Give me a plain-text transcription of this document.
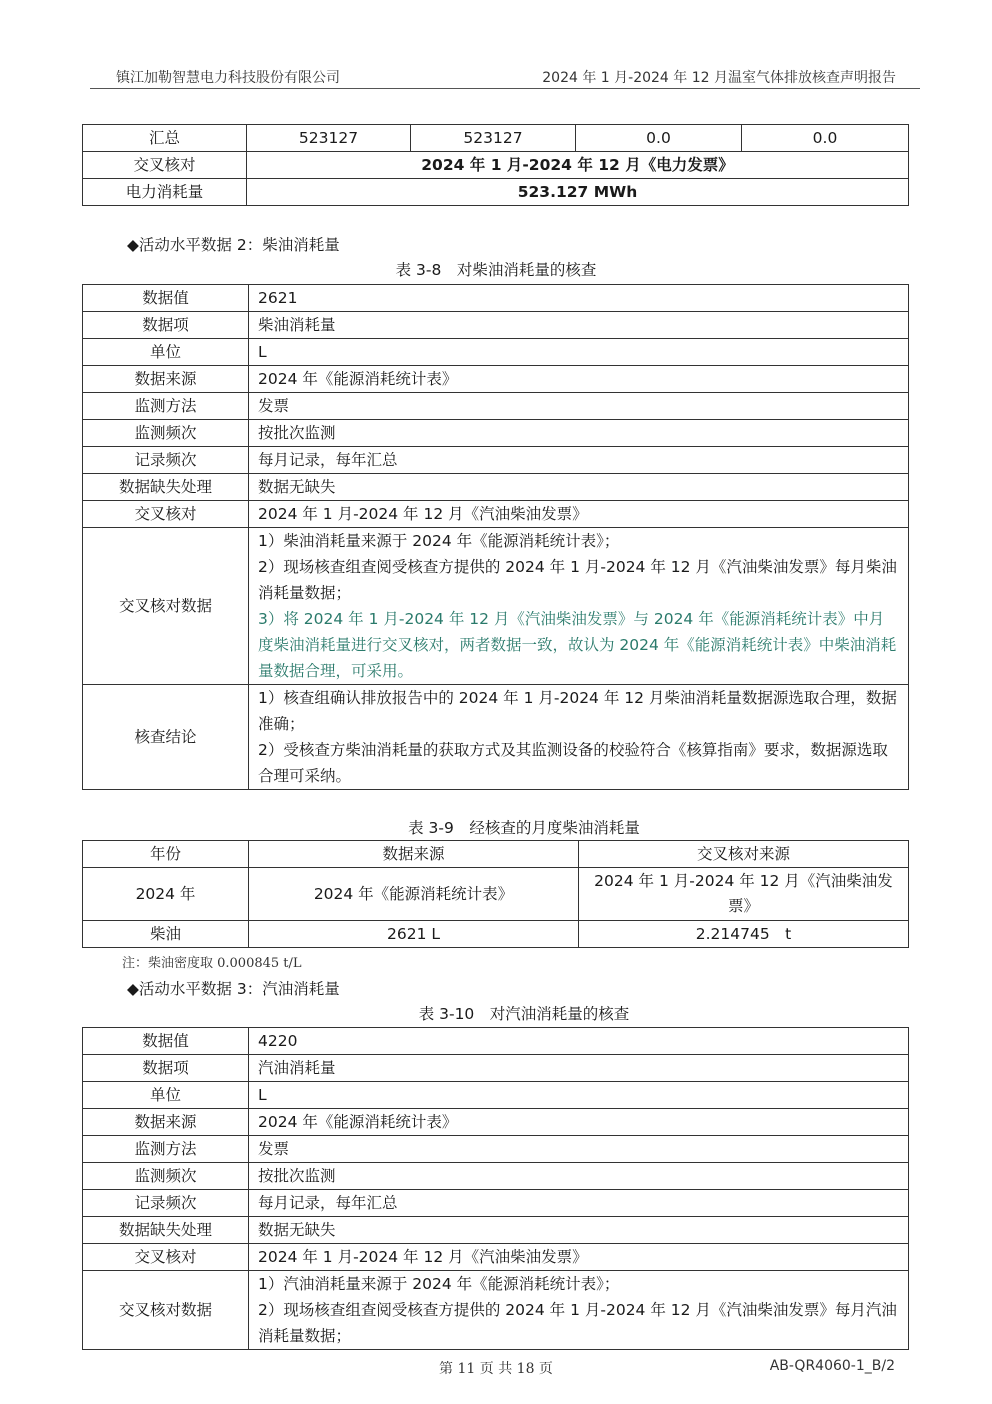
镇江加勒智慧电力科技股份有限公司	2024 年 1 月-2024 年 12 月温室气体排放核查声明报告
汇总	523127	523127	0.0	0.0
交叉核对	2024 年 1 月-2024 年 12 月《电力发票》			
电力消耗量	523.127 MWh			
◆活动水平数据 2：柴油消耗量
表 3-8　对柴油消耗量的核查
数据值	2621
数据项	柴油消耗量
单位	L
数据来源	2024 年《能源消耗统计表》
监测方法	发票
监测频次	按批次监测
记录频次	每月记录，每年汇总
数据缺失处理	数据无缺失
交叉核对	2024 年 1 月-2024 年 12 月《汽油柴油发票》
交叉核对数据	1）柴油消耗量来源于 2024 年《能源消耗统计表》；
2）现场核查组查阅受核查方提供的 2024 年 1 月-2024 年 12 月《汽油柴油发票》每月柴油消耗量数据；
3）将 2024 年 1 月-2024 年 12 月《汽油柴油发票》与 2024 年《能源消耗统计表》中月度柴油消耗量进行交叉核对，两者数据一致，故认为 2024 年《能源消耗统计表》中柴油消耗量数据合理，可采用。

核查结论	1）核查组确认排放报告中的 2024 年 1 月-2024 年 12 月柴油消耗量数据源选取合理，数据准确；
2）受核查方柴油消耗量的获取方式及其监测设备的校验符合《核算指南》要求，数据源选取合理可采纳。
表 3-9　经核查的月度柴油消耗量
年份	数据来源	交叉核对来源
2024 年	2024 年《能源消耗统计表》	2024 年 1 月-2024 年 12 月《汽油柴油发票》
柴油	2621 L	2.214745　t
注：柴油密度取 0.000845 t/L
◆活动水平数据 3：汽油消耗量
表 3-10　对汽油消耗量的核查
数据值	4220
数据项	汽油消耗量
单位	L
数据来源	2024 年《能源消耗统计表》
监测方法	发票
监测频次	按批次监测
记录频次	每月记录，每年汇总
数据缺失处理	数据无缺失
交叉核对	2024 年 1 月-2024 年 12 月《汽油柴油发票》
交叉核对数据	1）汽油消耗量来源于 2024 年《能源消耗统计表》；
2）现场核查组查阅受核查方提供的 2024 年 1 月-2024 年 12 月《汽油柴油发票》每月汽油消耗量数据；
第 11 页 共 18 页	AB-QR4060-1_B/2
